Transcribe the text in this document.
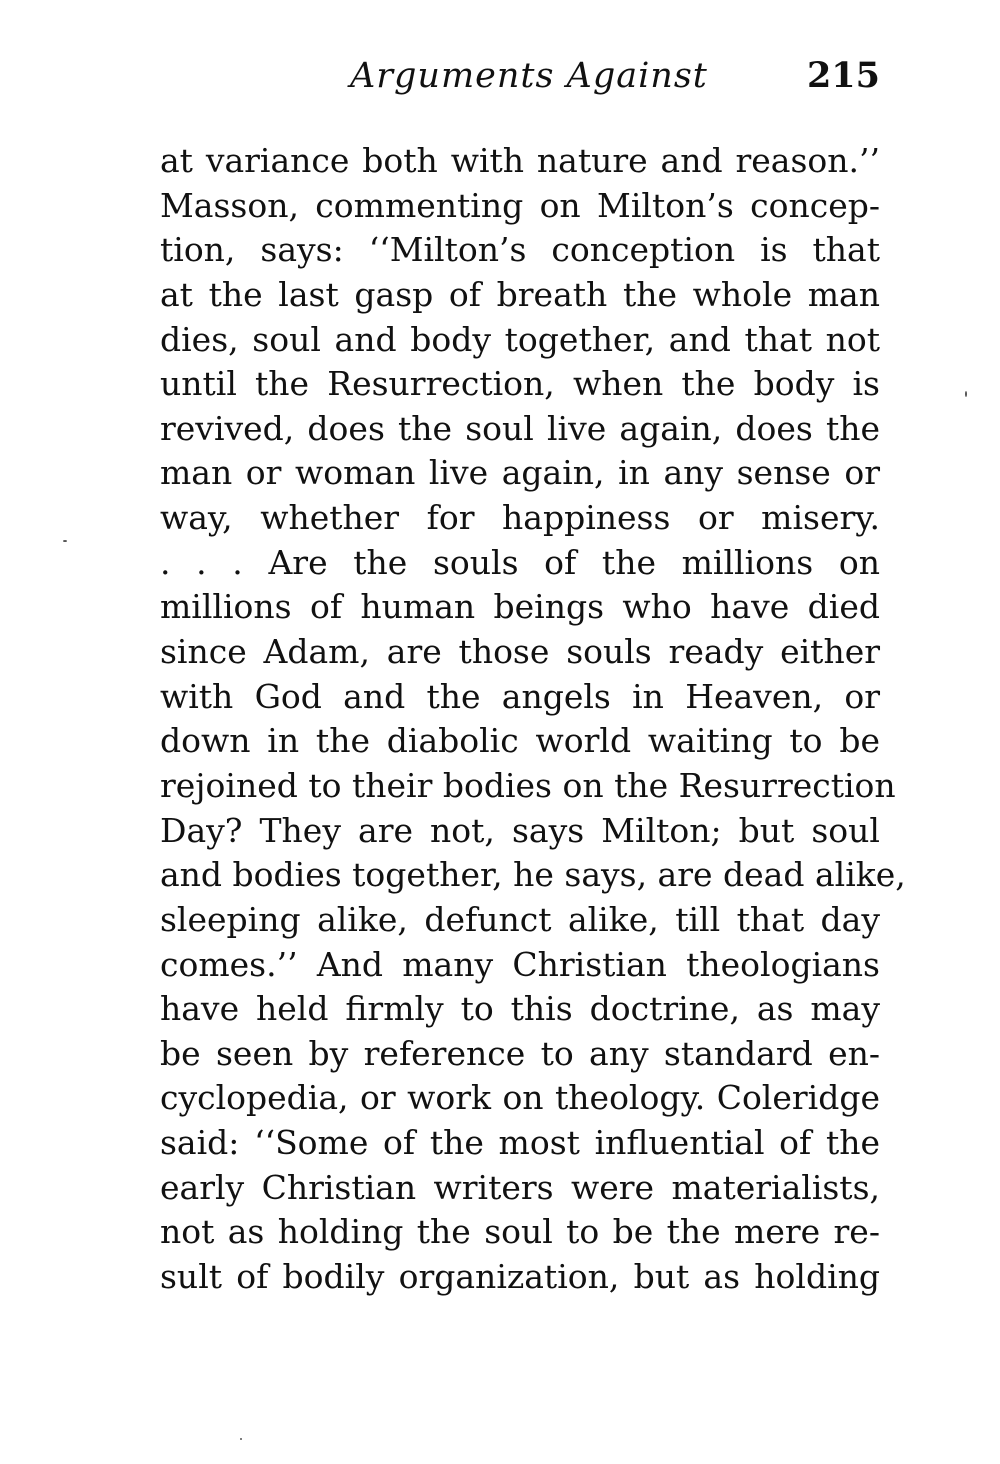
Arguments Against	215
at variance both with nature and reason.’’
Masson, commenting on Milton’s concep-
tion, says: ‘‘Milton’s conception is that
at the last gasp of breath the whole man
dies, soul and body together, and that not
until the Resurrection, when the body is
revived, does the soul live again, does the
man or woman live again, in any sense or
way, whether for happiness or misery.
. . . Are the souls of the millions on
millions of human beings who have died
since Adam, are those souls ready either
with God and the angels in Heaven, or
down in the diabolic world waiting to be
rejoined to their bodies on the Resurrection
Day? They are not, says Milton; but soul
and bodies together, he says, are dead alike,
sleeping alike, defunct alike, till that day
comes.’’ And many Christian theologians
have held firmly to this doctrine, as may
be seen by reference to any standard en-
cyclopedia, or work on theology. Coleridge
said: ‘‘Some of the most influential of the
early Christian writers were materialists,
not as holding the soul to be the mere re-
sult of bodily organization, but as holding
